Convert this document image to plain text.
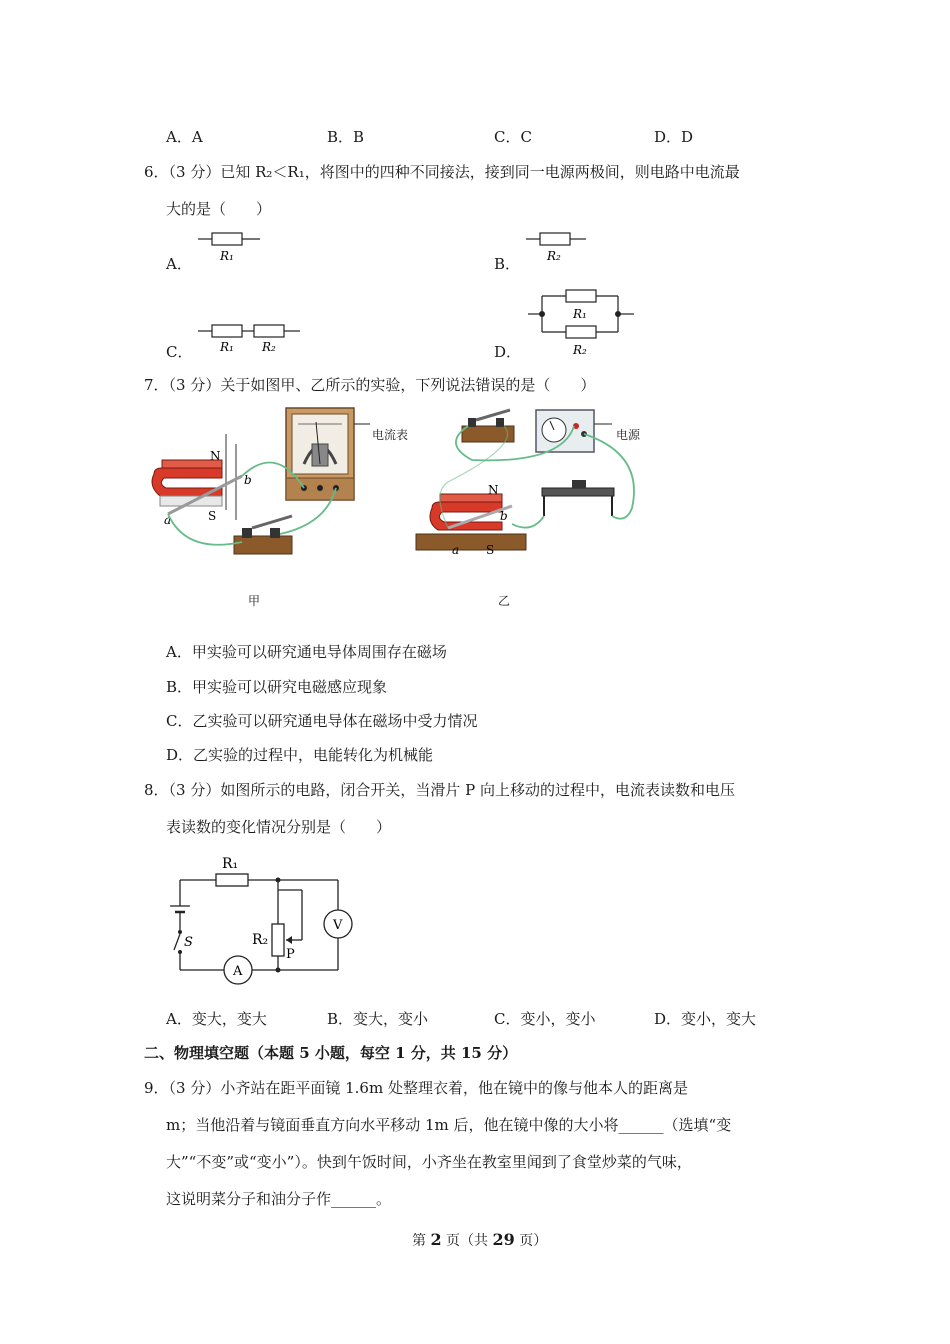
A．A	B．B	C．C	D．D
6．（3 分）已知 R₂＜R₁，将图中的四种不同接法，接到同一电源两极间，则电路中电流最
大的是（　　）
A． R₁	B． R₂
C． R₁ R₂	D．
R₁
R₂
7．（3 分）关于如图甲、乙所示的实验，下列说法错误的是（　　）
N
S
b
a
电流表
N
S
b
a
电源
甲	乙
A．甲实验可以研究通电导体周围存在磁场
B．甲实验可以研究电磁感应现象
C．乙实验可以研究通电导体在磁场中受力情况
D．乙实验的过程中，电能转化为机械能
8．（3 分）如图所示的电路，闭合开关，当滑片 P 向上移动的过程中，电流表读数和电压
表读数的变化情况分别是（　　）
R₁
S
A
R₂
P
V
A．变大，变大	B．变大，变小	C．变小，变小	D．变小，变大
二、物理填空题（本题 5 小题，每空 1 分，共 15 分）
9．（3 分）小齐站在距平面镜 1.6m 处整理衣着，他在镜中的像与他本人的距离是
m；当他沿着与镜面垂直方向水平移动 1m 后，他在镜中像的大小将______（选填“变
大”“不变”或“变小”）。快到午饭时间，小齐坐在教室里闻到了食堂炒菜的气味，
这说明菜分子和油分子作______。
第 2 页（共 29 页）
